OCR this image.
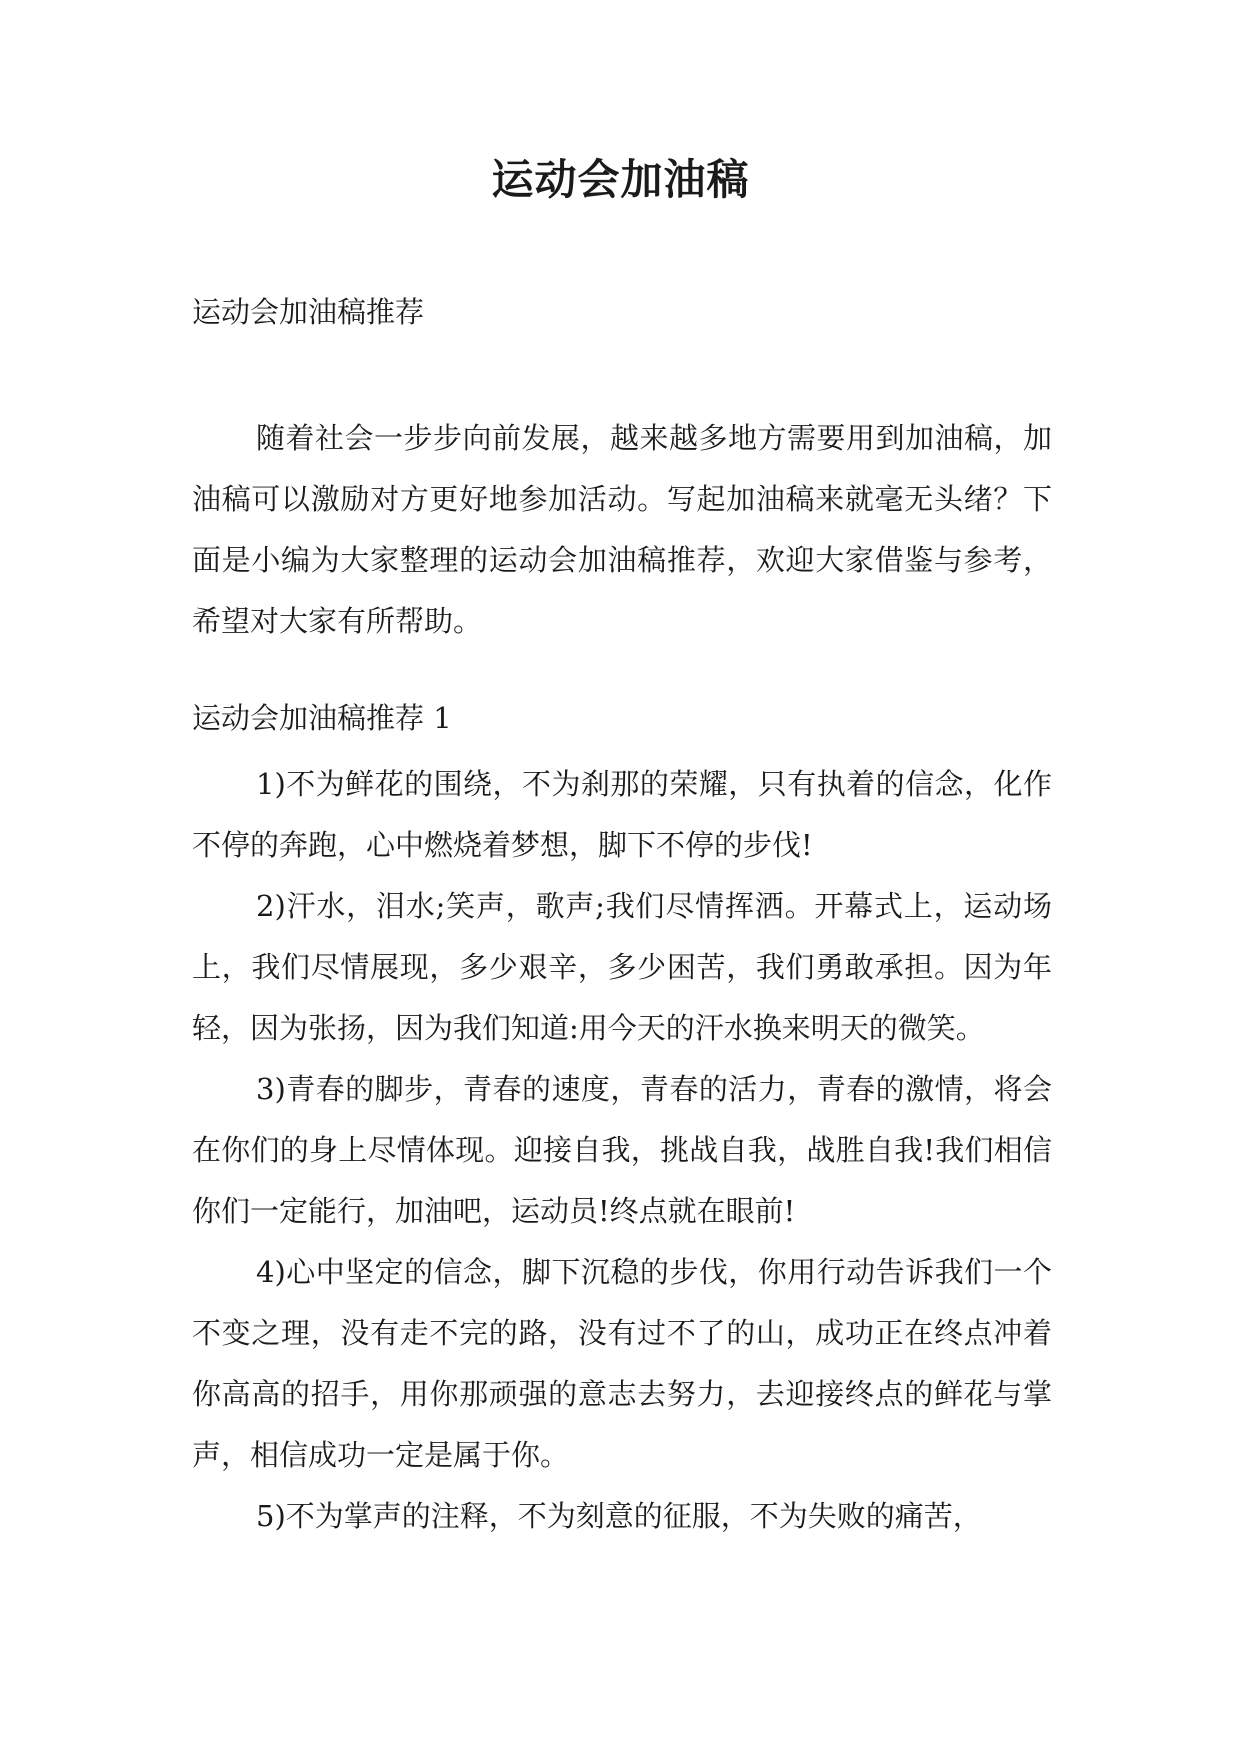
运动会加油稿

运动会加油稿推荐

随着社会一步步向前发展，越来越多地方需要用到加油稿，加油稿可以激励对方更好地参加活动。写起加油稿来就毫无头绪？下面是小编为大家整理的运动会加油稿推荐，欢迎大家借鉴与参考，希望对大家有所帮助。

运动会加油稿推荐 1

1)不为鲜花的围绕，不为刹那的荣耀，只有执着的信念，化作不停的奔跑，心中燃烧着梦想，脚下不停的步伐!

2)汗水，泪水;笑声，歌声;我们尽情挥洒。开幕式上，运动场上，我们尽情展现，多少艰辛，多少困苦，我们勇敢承担。因为年轻，因为张扬，因为我们知道:用今天的汗水换来明天的微笑。

3)青春的脚步，青春的速度，青春的活力，青春的激情，将会在你们的身上尽情体现。迎接自我，挑战自我，战胜自我!我们相信你们一定能行，加油吧，运动员!终点就在眼前!

4)心中坚定的信念，脚下沉稳的步伐，你用行动告诉我们一个不变之理，没有走不完的路，没有过不了的山，成功正在终点冲着你高高的招手，用你那顽强的意志去努力，去迎接终点的鲜花与掌声，相信成功一定是属于你。

5)不为掌声的注释，不为刻意的征服，不为失败的痛苦，
